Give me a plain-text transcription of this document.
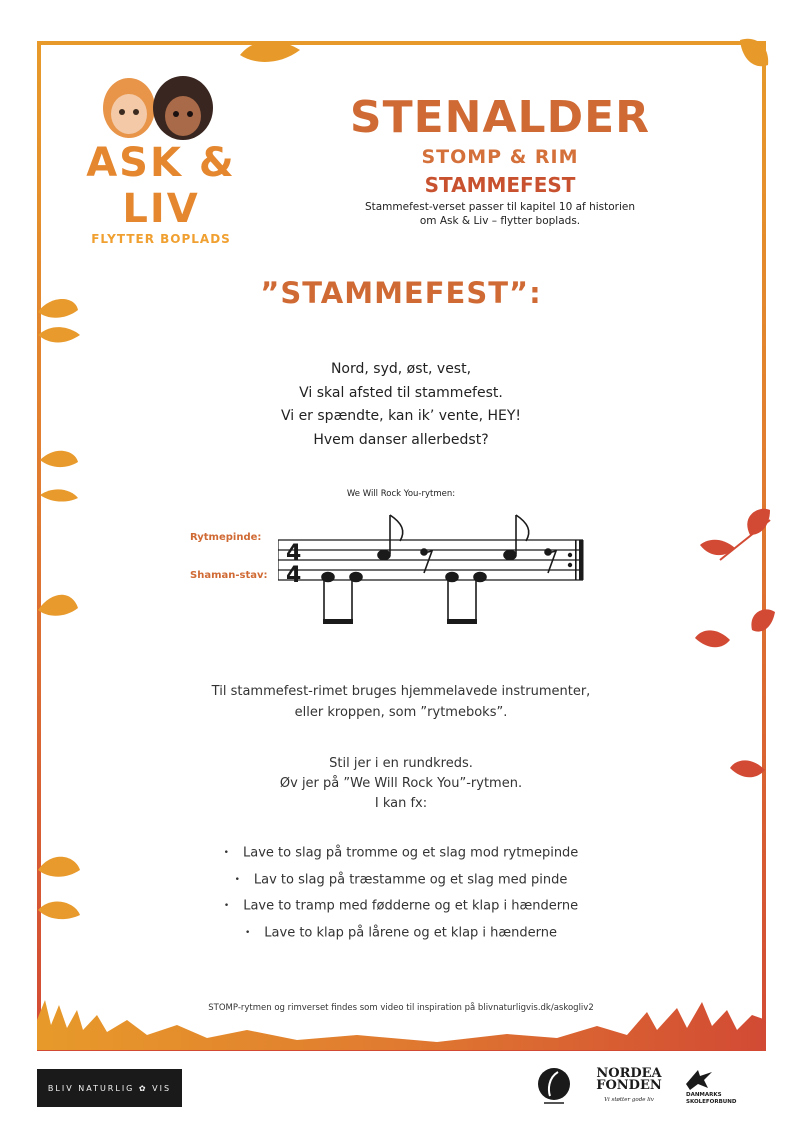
ASK & LIV
FLYTTER BOPLADS
STENALDER
STOMP & RIM
STAMMEFEST
Stammefest-verset passer til kapitel 10 af historien
om Ask & Liv – flytter boplads.
”STAMMEFEST”:
Nord, syd, øst, vest,
Vi skal afsted til stammefest.
Vi er spændte, kan ik’ vente, HEY!
Hvem danser allerbedst?
We Will Rock You-rytmen:
Rytmepinde:
Shaman-stav:
4
4
Til stammefest-rimet bruges hjemmelavede instrumenter,
eller kroppen, som ”rytmeboks”.
Stil jer i en rundkreds.
Øv jer på ”We Will Rock You”-rytmen.
I kan fx:
• Lave to slag på tromme og et slag mod rytmepinde
• Lav to slag på træstamme og et slag med pinde
• Lave to tramp med fødderne og et klap i hænderne
• Lave to klap på lårene og et klap i hænderne
STOMP-rytmen og rimverset findes som video til inspiration på blivnaturligvis.dk/askogliv2
BLIV NATURLIG ✿ VIS
NORDEA
FONDEN
Vi støtter gode liv
DANMARKS
SKOLEFORBUND
